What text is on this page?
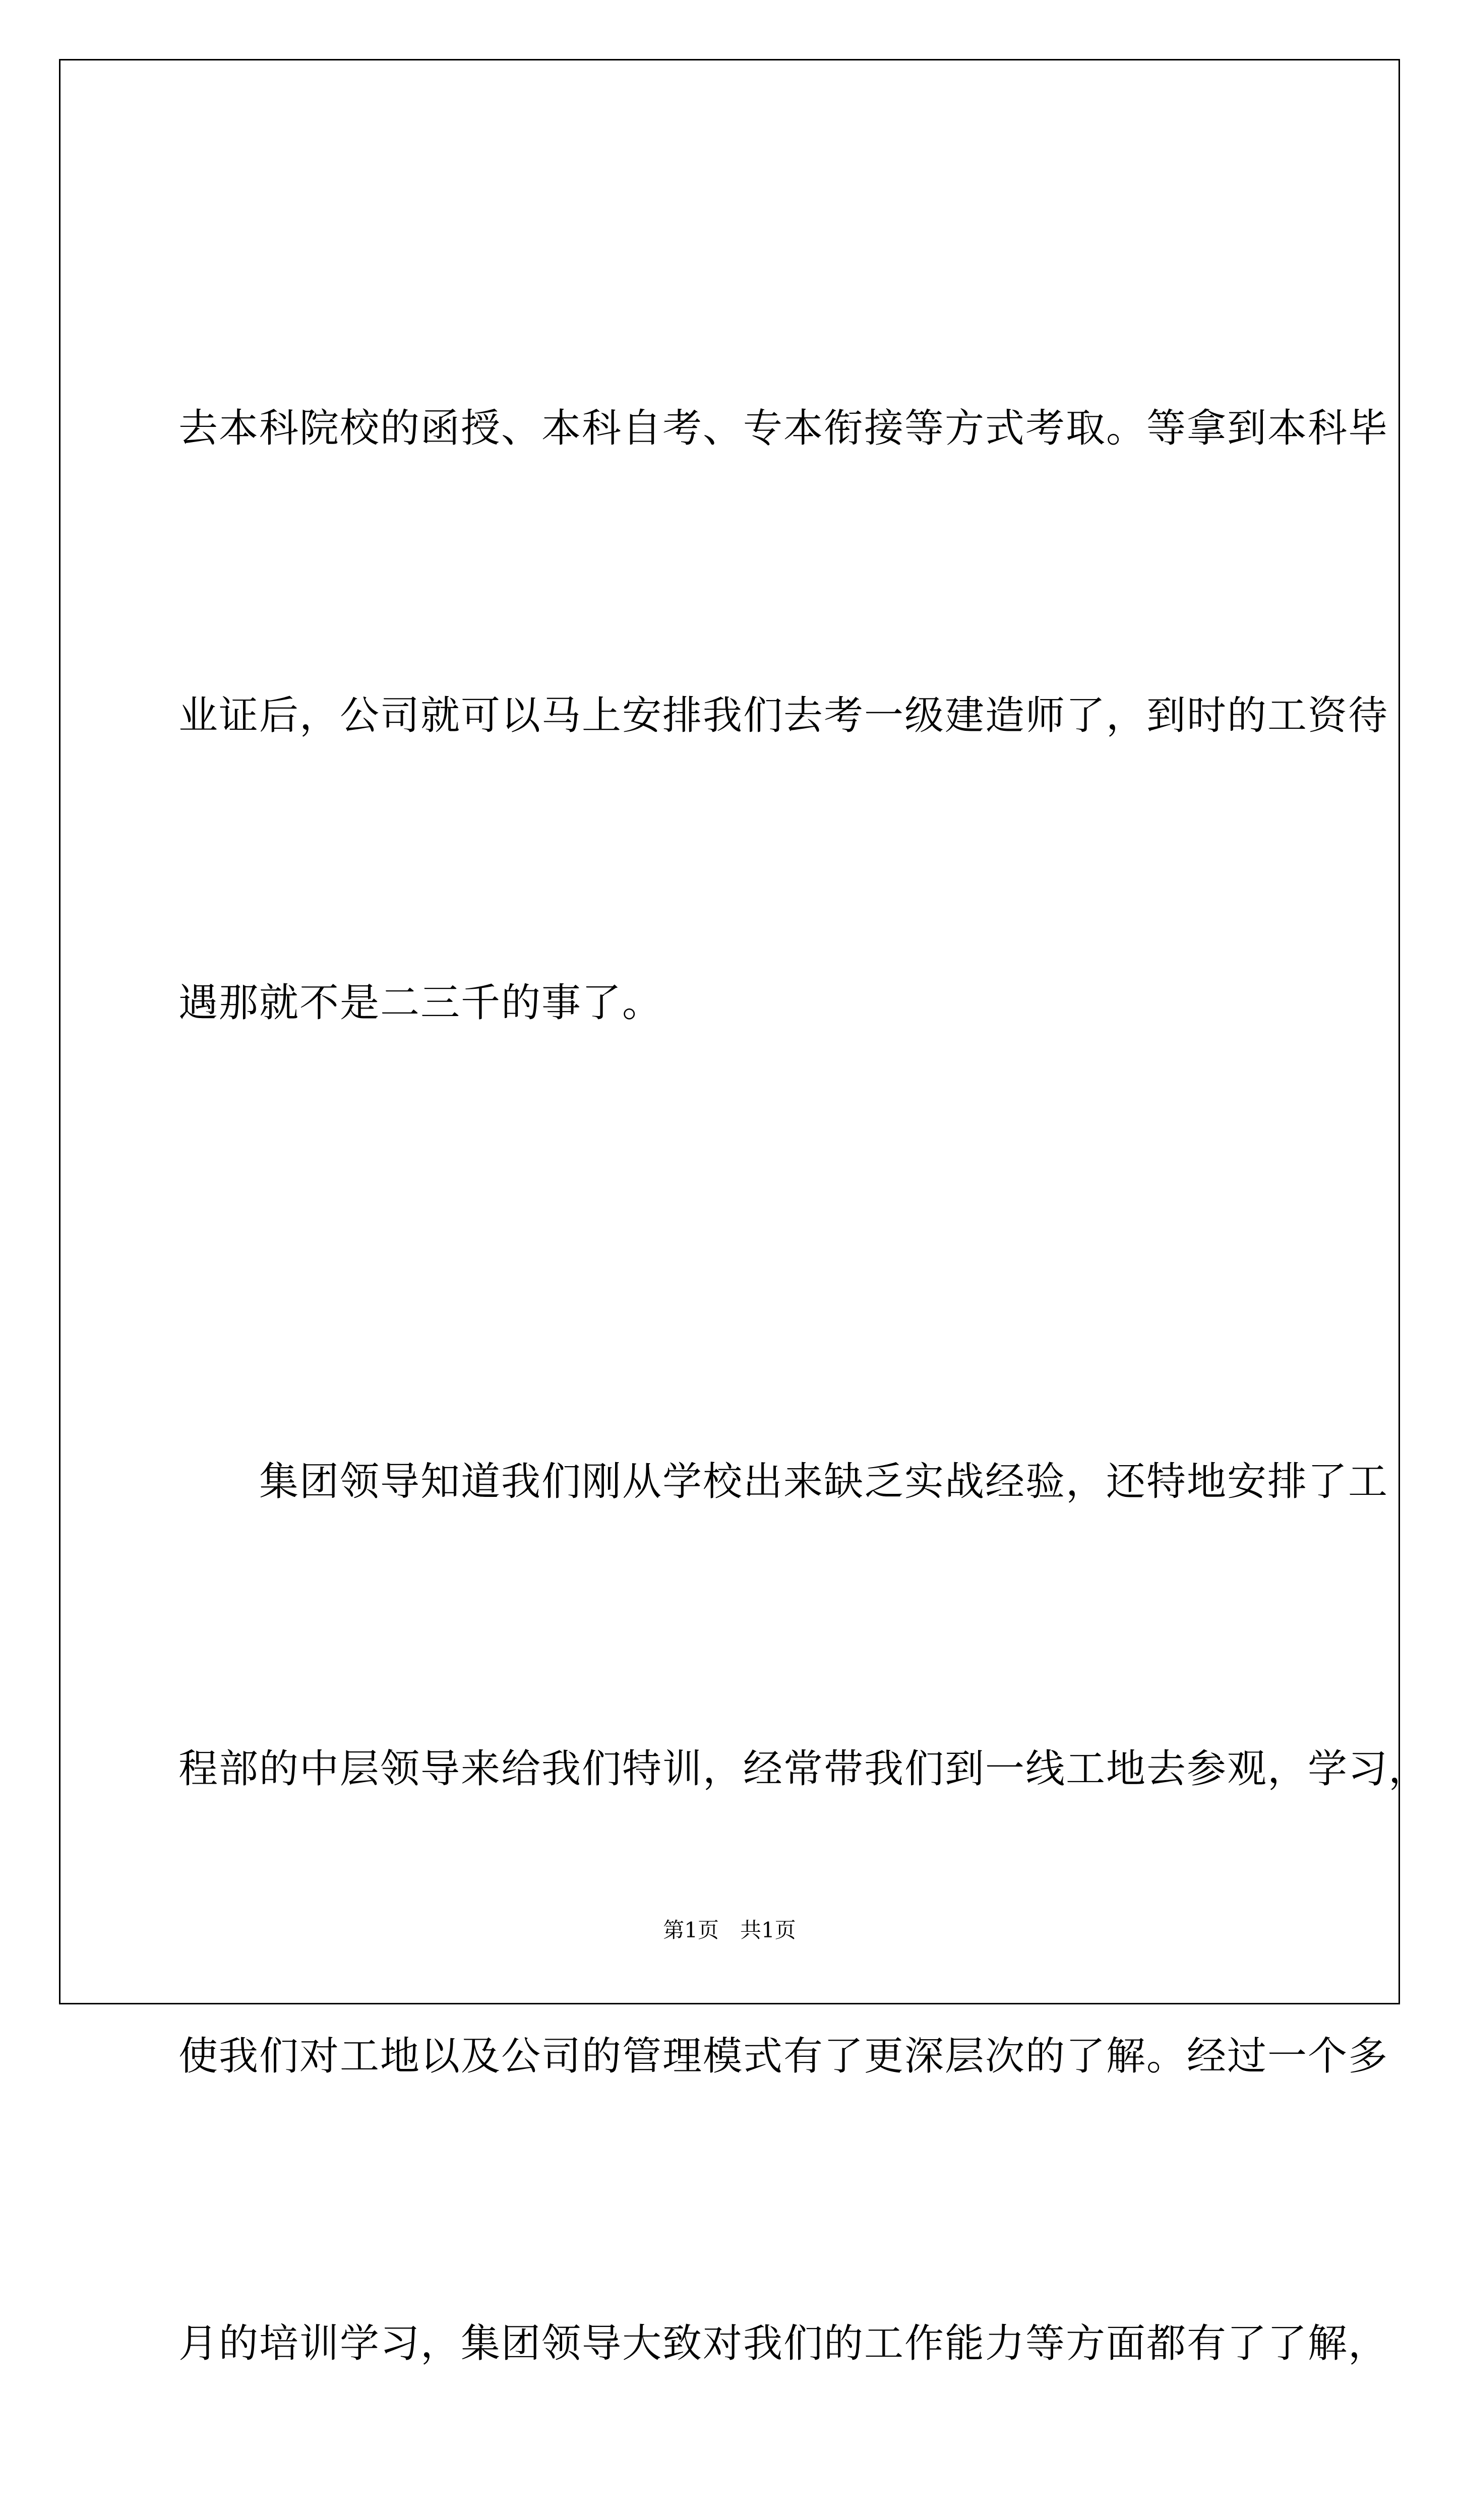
去本科院校的函授、本科自考、专本衔接等方式考取。等拿到本科毕

业证后，公司就可以马上安排我们去考一级建造师了，到时的工资待

遇那就不是二三千的事了。

　　集团领导知道我们刚从学校出来缺乏实战经验，还特地安排了工

程部的中层领导来给我们特训，经常带我们到一线工地去参观，学习，

使我们对工地以及公司的管理模式有了更深层次的了解。经过一个多

月的培训学习，集团领导大致对我们的工作能力等方面都有了了解，

第1页　共1页
